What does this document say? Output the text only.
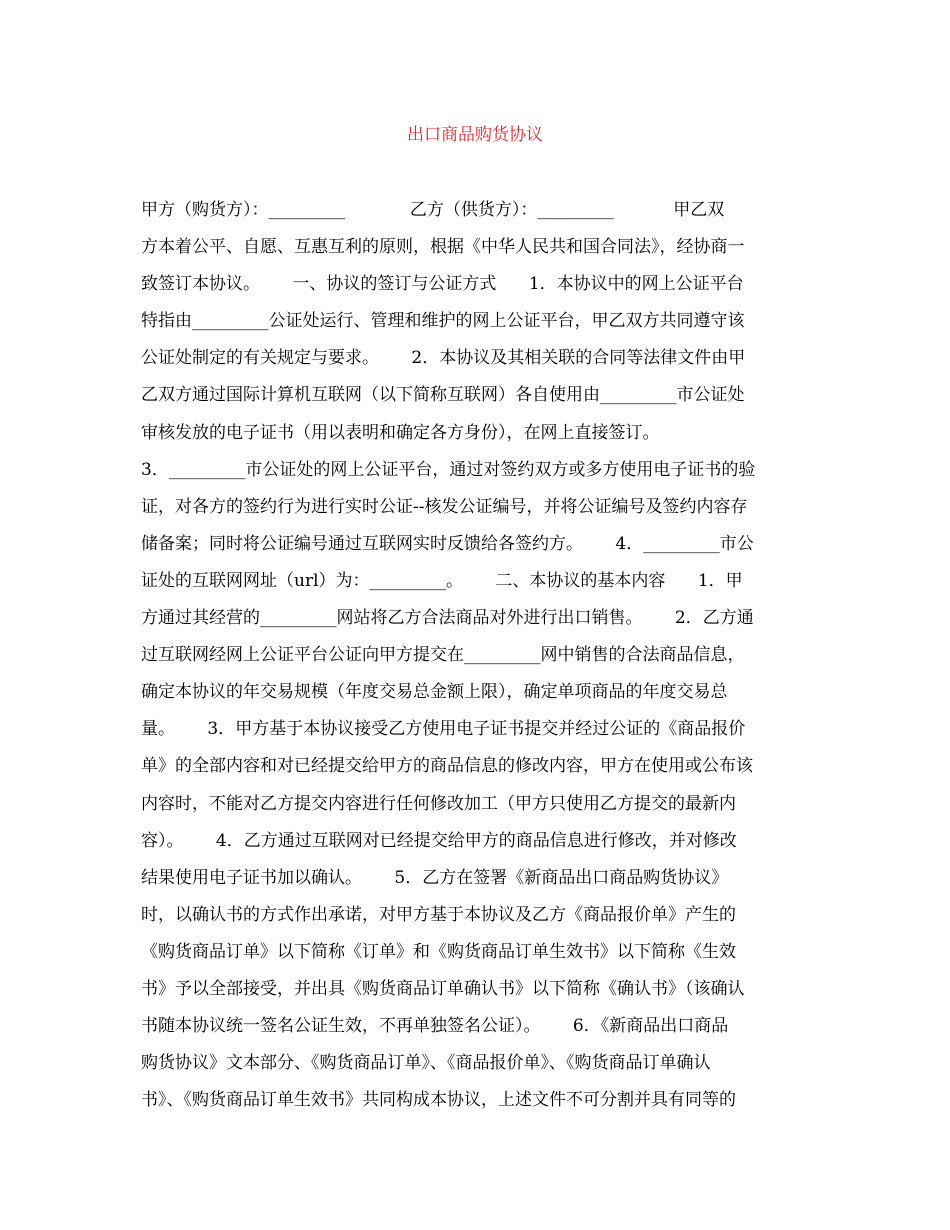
出口商品购货协议
甲方（购货方）：_________            乙方（供货方）：_________           甲乙双
方本着公平、自愿、互惠互利的原则，根据《中华人民共和国合同法》，经协商一
致签订本协议。      一、协议的签订与公证方式      1．本协议中的网上公证平台
特指由_________公证处运行、管理和维护的网上公证平台，甲乙双方共同遵守该
公证处制定的有关规定与要求。      2．本协议及其相关联的合同等法律文件由甲
乙双方通过国际计算机互联网（以下简称互联网）各自使用由_________市公证处
审核发放的电子证书（用以表明和确定各方身份），在网上直接签订。
3．_________市公证处的网上公证平台，通过对签约双方或多方使用电子证书的验
证，对各方的签约行为进行实时公证--核发公证编号，并将公证编号及签约内容存
储备案；同时将公证编号通过互联网实时反馈给各签约方。      4．_________市公
证处的互联网网址（url）为：_________。      二、本协议的基本内容      1．甲
方通过其经营的_________网站将乙方合法商品对外进行出口销售。      2．乙方通
过互联网经网上公证平台公证向甲方提交在_________网中销售的合法商品信息，
确定本协议的年交易规模（年度交易总金额上限），确定单项商品的年度交易总
量。      3．甲方基于本协议接受乙方使用电子证书提交并经过公证的《商品报价
单》的全部内容和对已经提交给甲方的商品信息的修改内容，甲方在使用或公布该
内容时，不能对乙方提交内容进行任何修改加工（甲方只使用乙方提交的最新内
容）。      4．乙方通过互联网对已经提交给甲方的商品信息进行修改，并对修改
结果使用电子证书加以确认。      5．乙方在签署《新商品出口商品购货协议》
时，以确认书的方式作出承诺，对甲方基于本协议及乙方《商品报价单》产生的
《购货商品订单》以下简称《订单》和《购货商品订单生效书》以下简称《生效
书》予以全部接受，并出具《购货商品订单确认书》以下简称《确认书》（该确认
书随本协议统一签名公证生效，不再单独签名公证）。      6．《新商品出口商品
购货协议》文本部分、《购货商品订单》、《商品报价单》、《购货商品订单确认
书》、《购货商品订单生效书》共同构成本协议，上述文件不可分割并具有同等的
